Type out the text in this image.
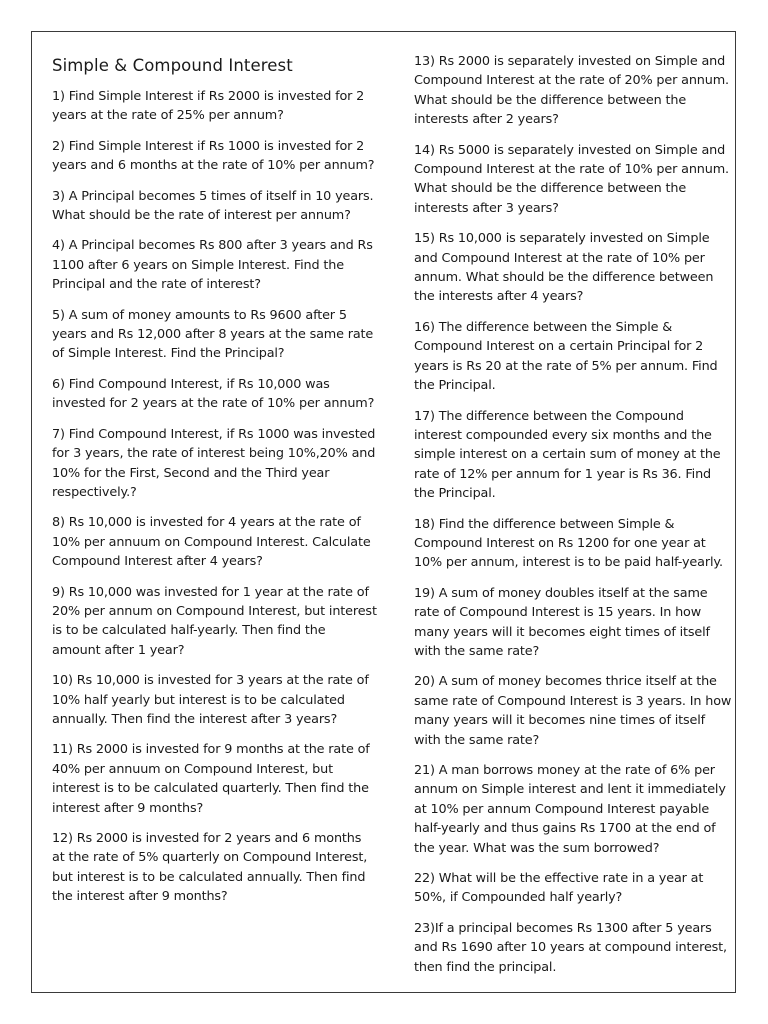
Simple & Compound Interest
1) Find Simple Interest if Rs 2000 is invested for 2 years at the rate of 25% per annum?
2) Find Simple Interest if Rs 1000 is invested for 2 years and 6 months at the rate of 10% per annum?
3) A Principal becomes 5 times of itself in 10 years. What should be the rate of interest per annum?
4) A Principal becomes Rs 800 after 3 years and Rs 1100 after 6 years on Simple Interest. Find the Principal and the rate of interest?
5) A sum of money amounts to Rs 9600 after 5 years and Rs 12,000 after 8 years at the same rate of Simple Interest. Find the Principal?
6) Find Compound Interest, if Rs 10,000 was invested for 2 years at the rate of 10% per annum?
7) Find Compound Interest, if Rs 1000 was invested for 3 years, the rate of interest being 10%,20% and 10% for the First, Second and the Third year respectively.?
8) Rs 10,000 is invested for 4 years at the rate of 10% per annuum on Compound Interest. Calculate Compound Interest after 4 years?
9) Rs 10,000 was invested for 1 year at the rate of 20% per annum on Compound Interest, but interest is to be calculated half-yearly. Then find the amount after 1 year?
10) Rs 10,000 is invested for 3 years at the rate of 10% half yearly but interest is to be calculated annually. Then find the interest after 3 years?
11) Rs 2000 is invested for 9 months at the rate of 40% per annuum on Compound Interest, but interest is to be calculated quarterly. Then find the interest after 9 months?
12) Rs 2000 is invested for 2 years and 6 months at the rate of 5% quarterly on Compound Interest, but interest is to be calculated annually. Then find the interest after 9 months?
13) Rs 2000 is separately invested on Simple and Compound Interest at the rate of 20% per annum. What should be the difference between the interests after 2 years?
14) Rs 5000 is separately invested on Simple and Compound Interest at the rate of 10% per annum. What should be the difference between the interests after 3 years?
15) Rs 10,000 is separately invested on Simple and Compound Interest at the rate of 10% per annum. What should be the difference between the interests after 4 years?
16) The difference between the Simple & Compound Interest on a certain Principal for 2 years is Rs 20 at the rate of 5% per annum. Find the Principal.
17) The difference between the Compound interest compounded every six months and the simple interest on a certain sum of money at the rate of 12% per annum for 1 year is Rs 36. Find the Principal.
18) Find the difference between Simple & Compound Interest on Rs 1200 for one year at 10% per annum, interest is to be paid half-yearly.
19) A sum of money doubles itself at the same rate of Compound Interest is 15 years. In how many years will it becomes eight times of itself with the same rate?
20) A sum of money becomes thrice itself at the same rate of Compound Interest is 3 years. In how many years will it becomes nine times of itself with the same rate?
21) A man borrows money at the rate of 6% per annum on Simple interest and lent it immediately at 10% per annum Compound Interest payable half-yearly and thus gains Rs 1700 at the end of the year. What was the sum borrowed?
22) What will be the effective rate in a year at 50%, if Compounded half yearly?
23)If a principal becomes Rs 1300 after 5 years and Rs 1690 after 10 years at compound interest, then find the principal.
